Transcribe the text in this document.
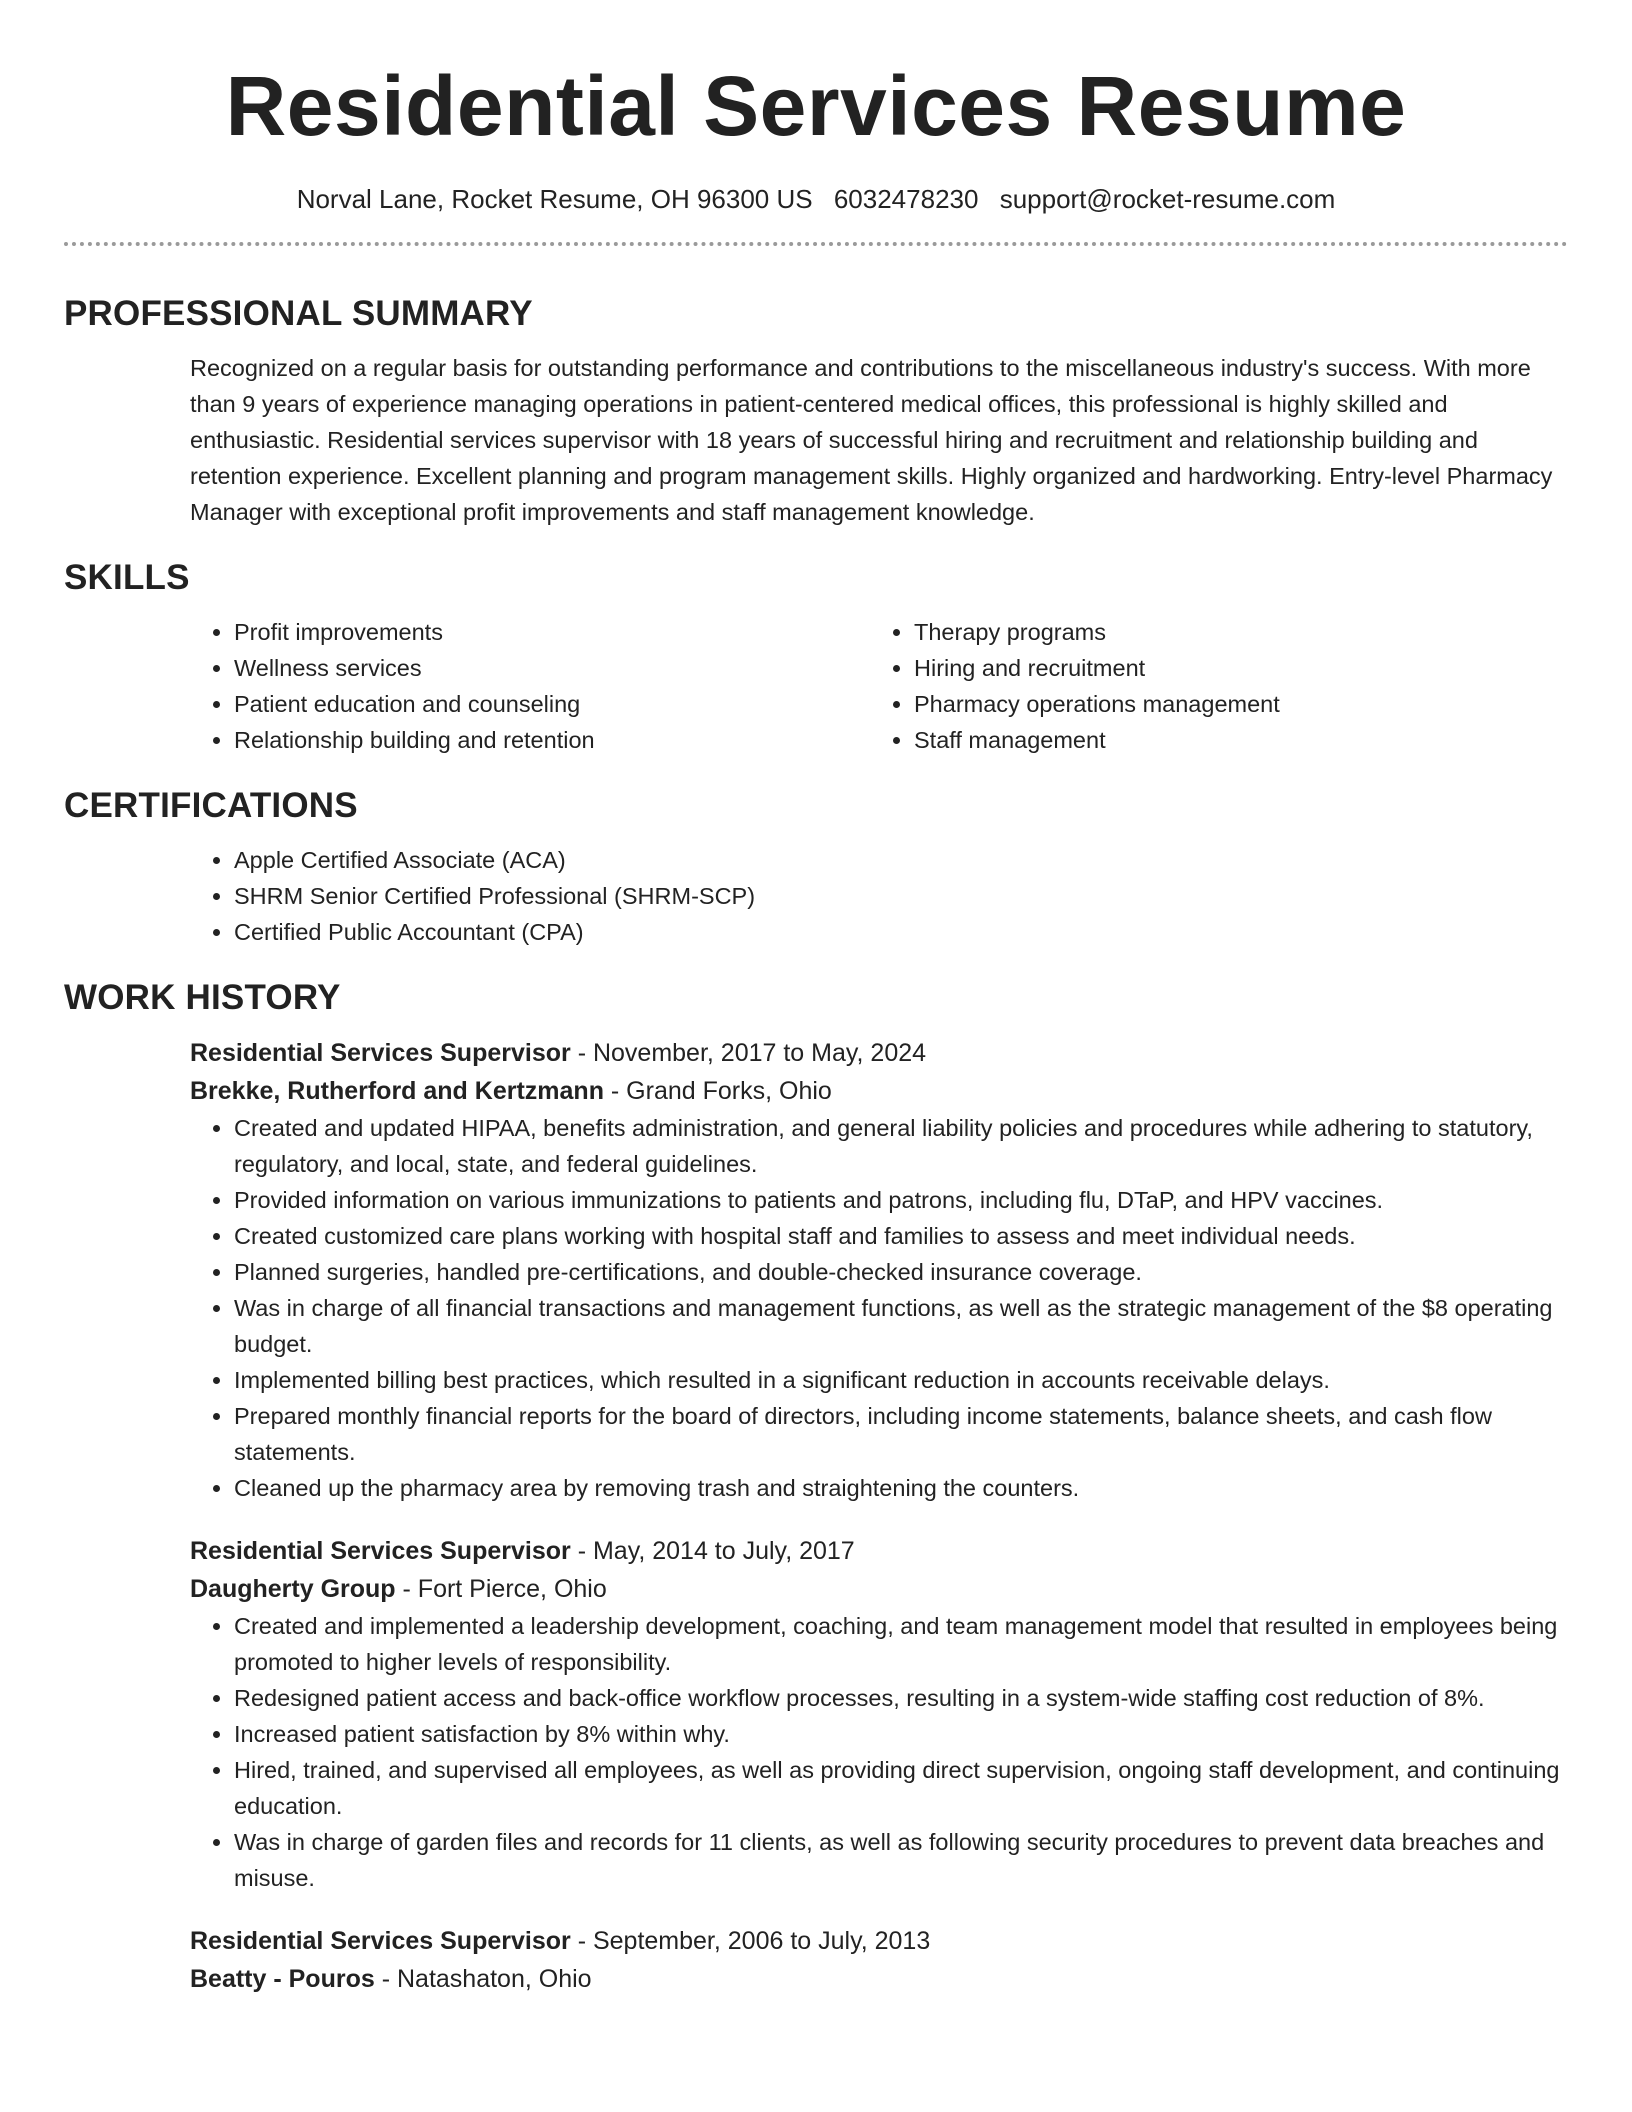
Residential Services Resume
Norval Lane, Rocket Resume, OH 96300 US 6032478230 support@rocket-resume.com
PROFESSIONAL SUMMARY
Recognized on a regular basis for outstanding performance and contributions to the miscellaneous industry's success. With more than 9 years of experience managing operations in patient-centered medical offices, this professional is highly skilled and enthusiastic. Residential services supervisor with 18 years of successful hiring and recruitment and relationship building and retention experience. Excellent planning and program management skills. Highly organized and hardworking. Entry-level Pharmacy Manager with exceptional profit improvements and staff management knowledge.
SKILLS
• Profit improvements
• Wellness services
• Patient education and counseling
• Relationship building and retention
• Therapy programs
• Hiring and recruitment
• Pharmacy operations management
• Staff management
CERTIFICATIONS
• Apple Certified Associate (ACA)
• SHRM Senior Certified Professional (SHRM-SCP)
• Certified Public Accountant (CPA)
WORK HISTORY
Residential Services Supervisor - November, 2017 to May, 2024
Brekke, Rutherford and Kertzmann - Grand Forks, Ohio
• Created and updated HIPAA, benefits administration, and general liability policies and procedures while adhering to statutory, regulatory, and local, state, and federal guidelines.
• Provided information on various immunizations to patients and patrons, including flu, DTaP, and HPV vaccines.
• Created customized care plans working with hospital staff and families to assess and meet individual needs.
• Planned surgeries, handled pre-certifications, and double-checked insurance coverage.
• Was in charge of all financial transactions and management functions, as well as the strategic management of the $8 operating budget.
• Implemented billing best practices, which resulted in a significant reduction in accounts receivable delays.
• Prepared monthly financial reports for the board of directors, including income statements, balance sheets, and cash flow statements.
• Cleaned up the pharmacy area by removing trash and straightening the counters.
Residential Services Supervisor - May, 2014 to July, 2017
Daugherty Group - Fort Pierce, Ohio
• Created and implemented a leadership development, coaching, and team management model that resulted in employees being promoted to higher levels of responsibility.
• Redesigned patient access and back-office workflow processes, resulting in a system-wide staffing cost reduction of 8%.
• Increased patient satisfaction by 8% within why.
• Hired, trained, and supervised all employees, as well as providing direct supervision, ongoing staff development, and continuing education.
• Was in charge of garden files and records for 11 clients, as well as following security procedures to prevent data breaches and misuse.
Residential Services Supervisor - September, 2006 to July, 2013
Beatty - Pouros - Natashaton, Ohio
